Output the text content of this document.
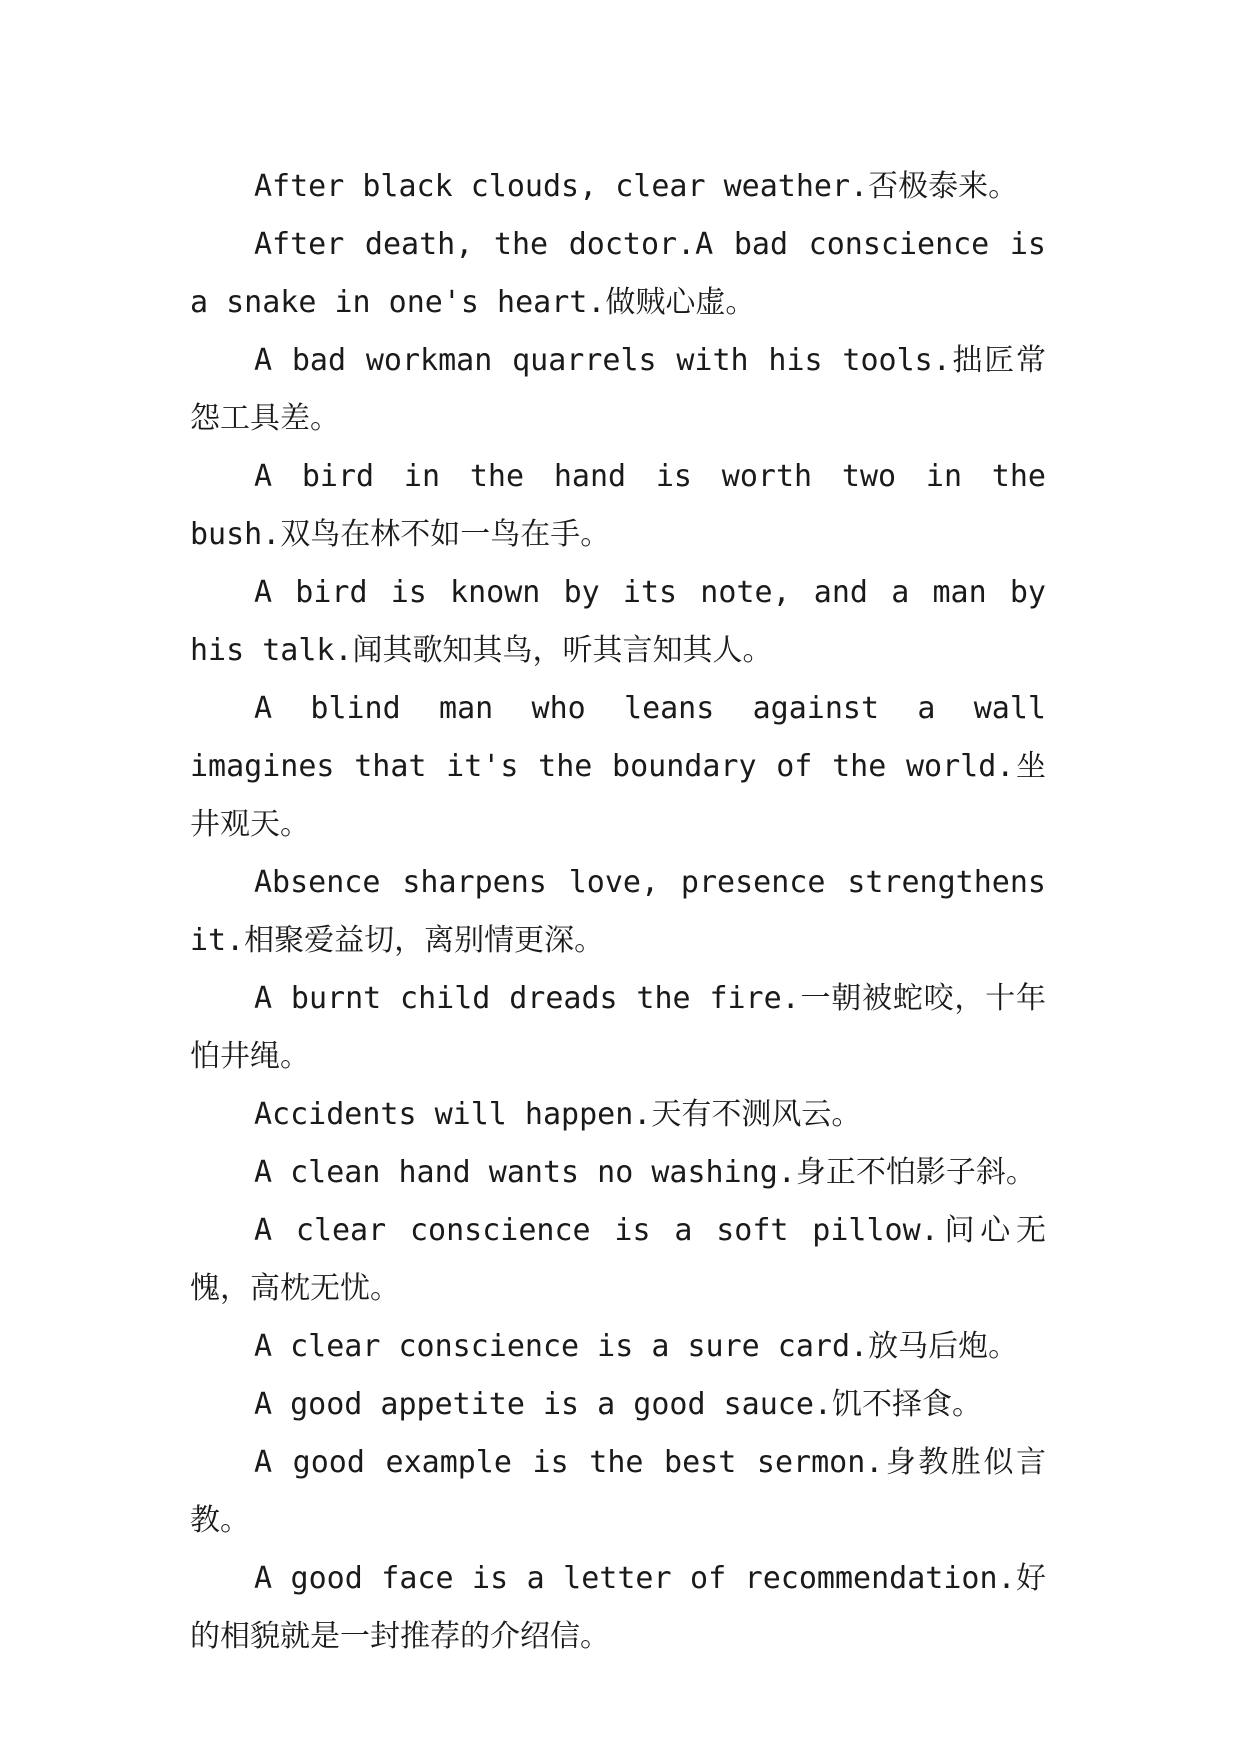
After black clouds, clear weather.否极泰来。

After death, the doctor.A bad conscience is a snake in one's heart.做贼心虚。

A bad workman quarrels with his tools.拙匠常怨工具差。

A bird in the hand is worth two in the bush.双鸟在林不如一鸟在手。

A bird is known by its note, and a man by his talk.闻其歌知其鸟，听其言知其人。

A blind man who leans against a wall imagines that it's the boundary of the world.坐井观天。

Absence sharpens love, presence strengthens it.相聚爱益切，离别情更深。

A burnt child dreads the fire.一朝被蛇咬，十年怕井绳。

Accidents will happen.天有不测风云。

A clean hand wants no washing.身正不怕影子斜。

A clear conscience is a soft pillow.问心无愧，高枕无忧。

A clear conscience is a sure card.放马后炮。

A good appetite is a good sauce.饥不择食。

A good example is the best sermon.身教胜似言教。

A good face is a letter of recommendation.好的相貌就是一封推荐的介绍信。
